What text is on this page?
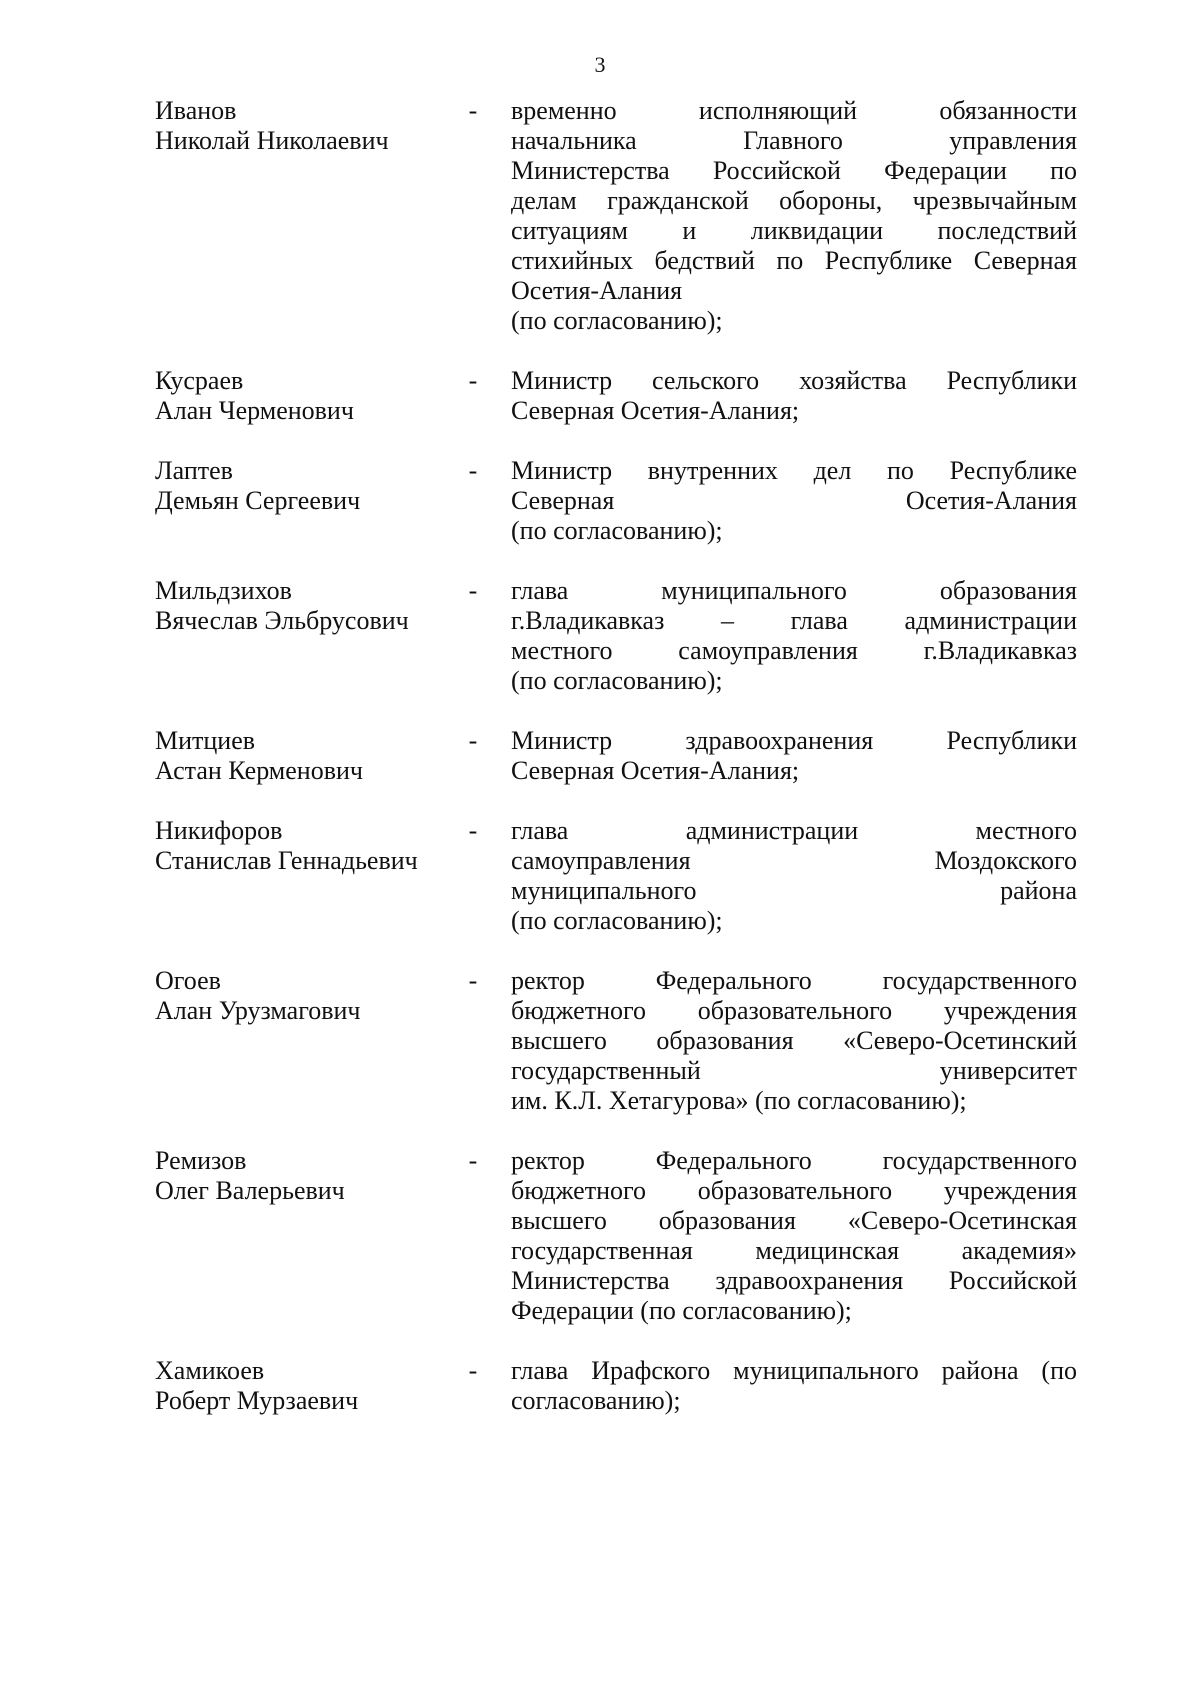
3
Иванов
Николай Николаевич
- временно исполняющий обязанности
начальника Главного управления
Министерства Российской Федерации по
делам гражданской обороны, чрезвычайным
ситуациям и ликвидации последствий
стихийных бедствий по Республике Северная
Осетия-Алания
(по согласованию);
Кусраев
Алан Черменович
- Министр сельского хозяйства Республики
Северная Осетия-Алания;
Лаптев
Демьян Сергеевич
- Министр внутренних дел по Республике
Северная	Осетия-Алания
(по согласованию);
Мильдзихов
Вячеслав Эльбрусович
- глава муниципального образования
г.Владикавказ – глава администрации
местного самоуправления г.Владикавказ
(по согласованию);
Митциев
Астан Керменович
- Министр здравоохранения Республики
Северная Осетия-Алания;
Никифоров
Станислав Геннадьевич
- глава администрации местного
самоуправления	Моздокского
муниципального	района
(по согласованию);
Огоев
Алан Урузмагович
- ректор Федерального государственного
бюджетного образовательного учреждения
высшего образования «Северо-Осетинский
государственный	университет
им. К.Л. Хетагурова» (по согласованию);
Ремизов
Олег Валерьевич
- ректор Федерального государственного
бюджетного образовательного учреждения
высшего образования «Северо-Осетинская
государственная медицинская академия»
Министерства здравоохранения Российской
Федерации (по согласованию);
Хамикоев
Роберт Мурзаевич
- глава Ирафского муниципального района (по
согласованию);
